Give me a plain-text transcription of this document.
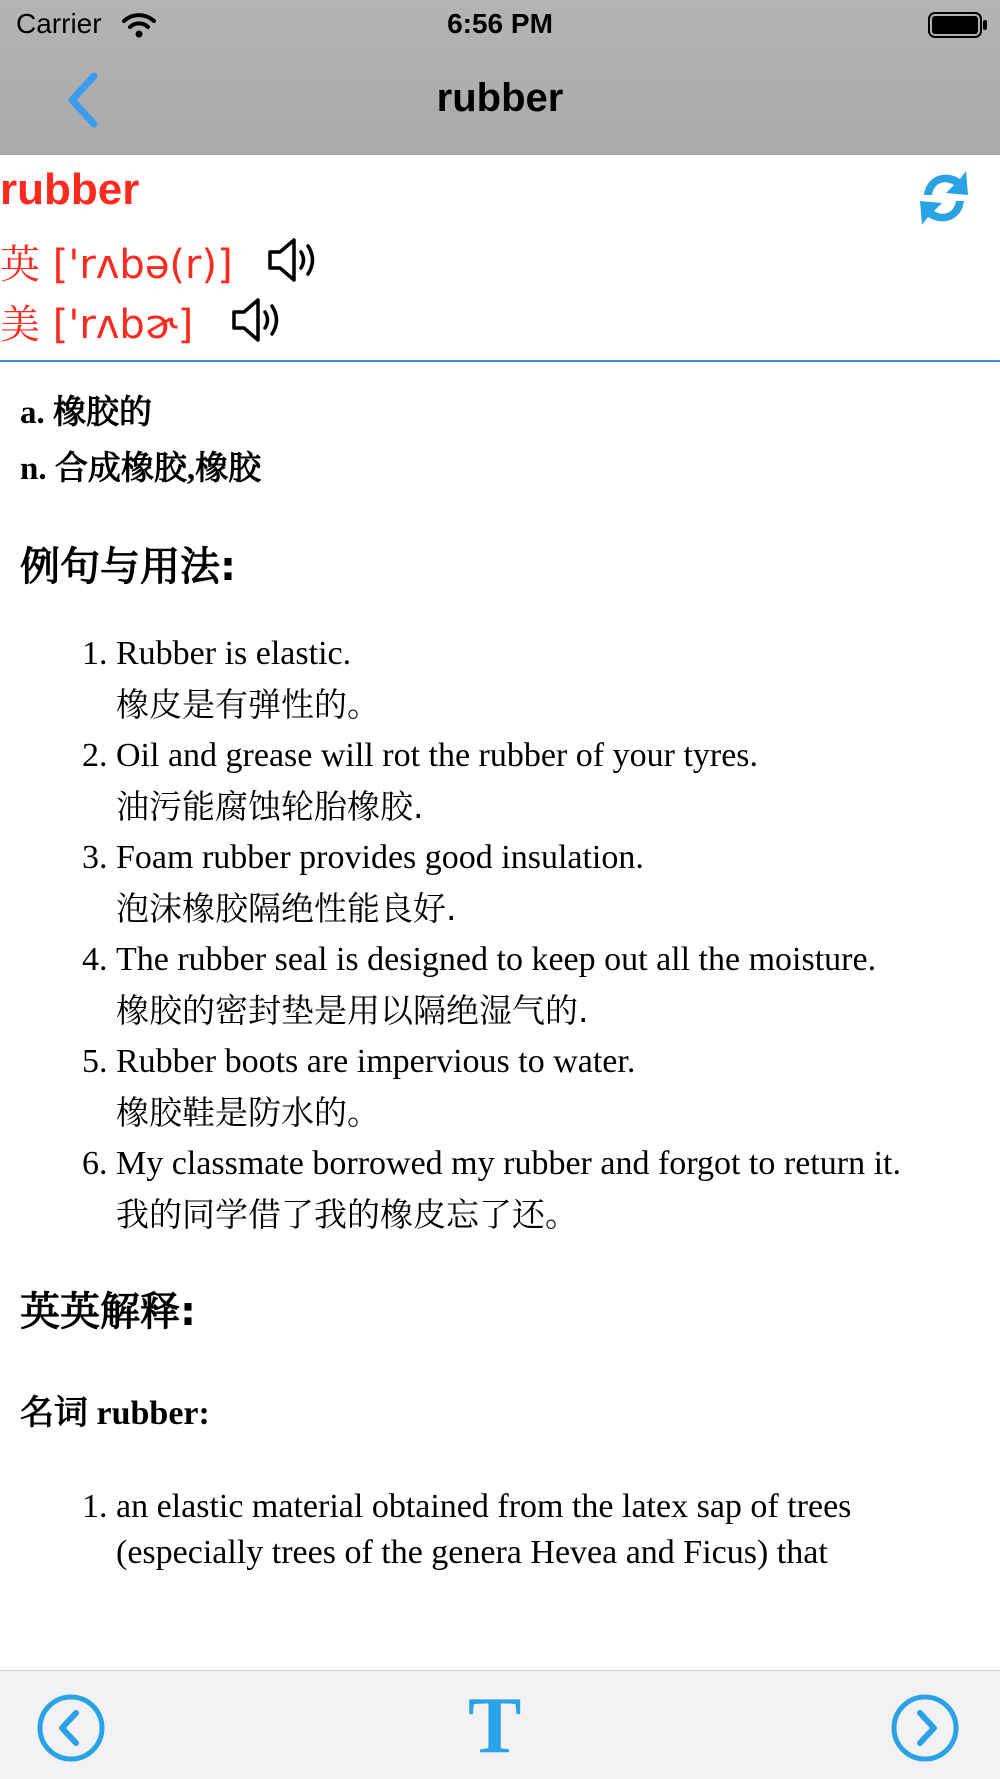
Carrier	6:56 PM
rubber
rubber
英 ['rʌbə(r)]
美 ['rʌbɚ]
a. 橡胶的
n. 合成橡胶,橡胶
例句与用法:
1. Rubber is elastic.
橡皮是有弹性的。
2. Oil and grease will rot the rubber of your tyres.
油污能腐蚀轮胎橡胶.
3. Foam rubber provides good insulation.
泡沫橡胶隔绝性能良好.
4. The rubber seal is designed to keep out all the moisture.
橡胶的密封垫是用以隔绝湿气的.
5. Rubber boots are impervious to water.
橡胶鞋是防水的。
6. My classmate borrowed my rubber and forgot to return it.
我的同学借了我的橡皮忘了还。
英英解释:
名词 rubber:
1. an elastic material obtained from the latex sap of trees (especially trees of the genera Hevea and Ficus) that
T
